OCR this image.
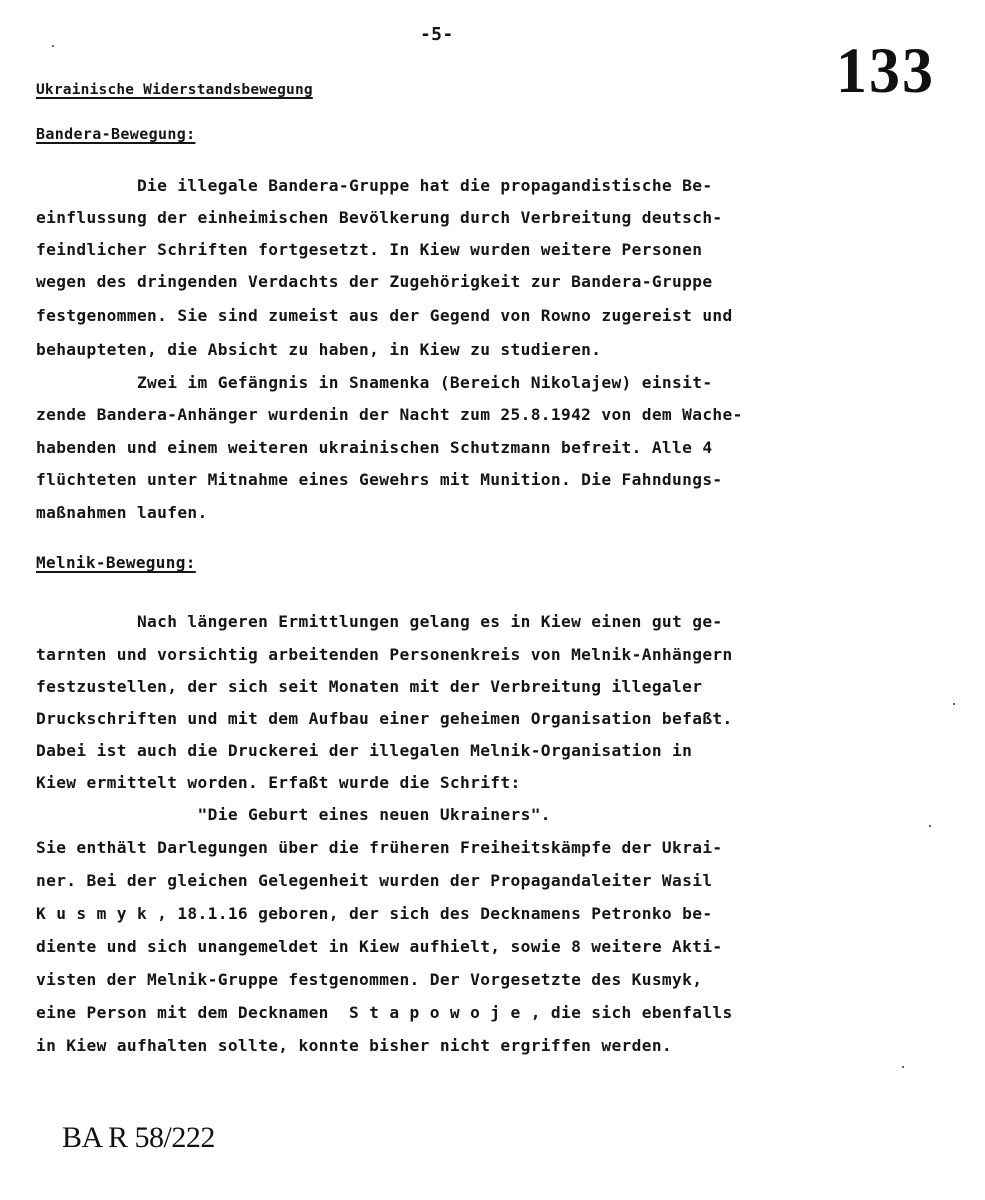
-5-
133
Ukrainische Widerstandsbewegung
Bandera-Bewegung:
Die illegale Bandera-Gruppe hat die propagandistische Be-
einflussung der einheimischen Bevölkerung durch Verbreitung deutsch-
feindlicher Schriften fortgesetzt. In Kiew wurden weitere Personen
wegen des dringenden Verdachts der Zugehörigkeit zur Bandera-Gruppe
festgenommen. Sie sind zumeist aus der Gegend von Rowno zugereist und
behaupteten, die Absicht zu haben, in Kiew zu studieren.
Zwei im Gefängnis in Snamenka (Bereich Nikolajew) einsit-
zende Bandera-Anhänger wurdenin der Nacht zum 25.8.1942 von dem Wache-
habenden und einem weiteren ukrainischen Schutzmann befreit. Alle 4
flüchteten unter Mitnahme eines Gewehrs mit Munition. Die Fahndungs-
maßnahmen laufen.
Melnik-Bewegung:
Nach längeren Ermittlungen gelang es in Kiew einen gut ge-
tarnten und vorsichtig arbeitenden Personenkreis von Melnik-Anhängern
festzustellen, der sich seit Monaten mit der Verbreitung illegaler
Druckschriften und mit dem Aufbau einer geheimen Organisation befaßt.
Dabei ist auch die Druckerei der illegalen Melnik-Organisation in
Kiew ermittelt worden. Erfaßt wurde die Schrift:
"Die Geburt eines neuen Ukrainers".
Sie enthält Darlegungen über die früheren Freiheitskämpfe der Ukrai-
ner. Bei der gleichen Gelegenheit wurden der Propagandaleiter Wasil
K u s m y k , 18.1.16 geboren, der sich des Decknamens Petronko be-
diente und sich unangemeldet in Kiew aufhielt, sowie 8 weitere Akti-
visten der Melnik-Gruppe festgenommen. Der Vorgesetzte des Kusmyk,
eine Person mit dem Decknamen  S t a p o w o j e , die sich ebenfalls
in Kiew aufhalten sollte, konnte bisher nicht ergriffen werden.
BA R 58/222
